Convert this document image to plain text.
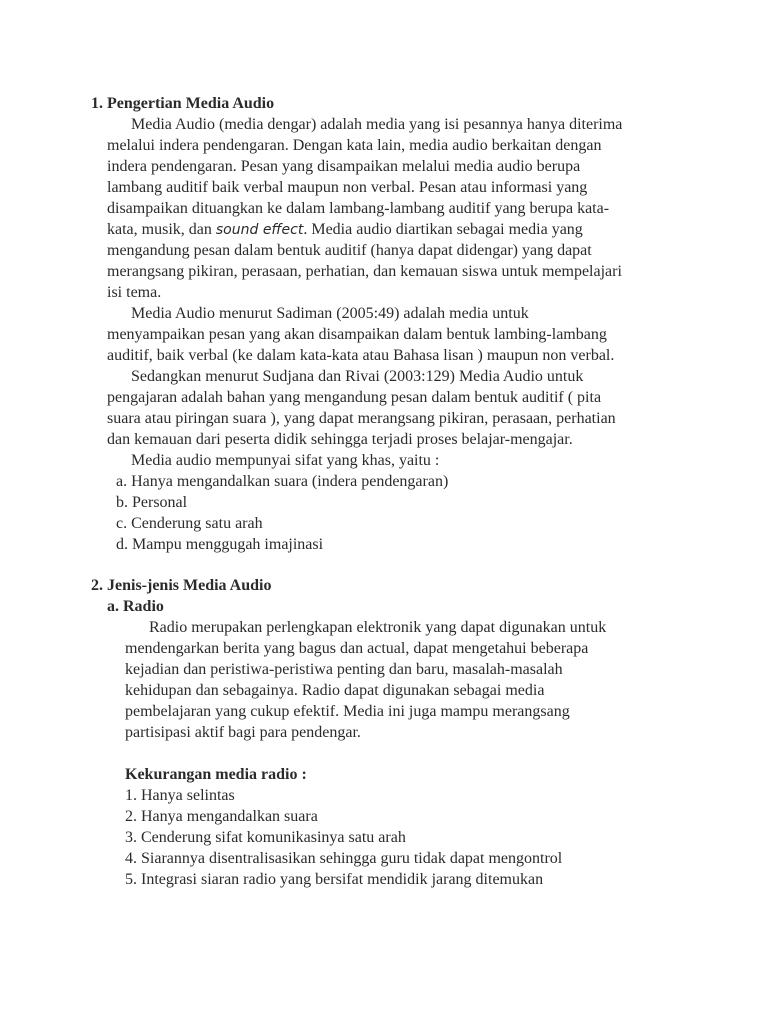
1. Pengertian Media Audio
Media Audio (media dengar) adalah media yang isi pesannya hanya diterima
melalui indera pendengaran. Dengan kata lain, media audio berkaitan dengan
indera pendengaran. Pesan yang disampaikan melalui media audio berupa
lambang auditif baik verbal maupun non verbal. Pesan atau informasi yang
disampaikan dituangkan ke dalam lambang-lambang auditif yang berupa kata-
kata, musik, dan sound effect. Media audio diartikan sebagai media yang
mengandung pesan dalam bentuk auditif (hanya dapat didengar) yang dapat
merangsang pikiran, perasaan, perhatian, dan kemauan siswa untuk mempelajari
isi tema.
Media Audio menurut Sadiman (2005:49) adalah media untuk
menyampaikan pesan yang akan disampaikan dalam bentuk lambing-lambang
auditif, baik verbal (ke dalam kata-kata atau Bahasa lisan ) maupun non verbal.
Sedangkan menurut Sudjana dan Rivai (2003:129) Media Audio untuk
pengajaran adalah bahan yang mengandung pesan dalam bentuk auditif ( pita
suara atau piringan suara ), yang dapat merangsang pikiran, perasaan, perhatian
dan kemauan dari peserta didik sehingga terjadi proses belajar-mengajar.
Media audio mempunyai sifat yang khas, yaitu :
a. Hanya mengandalkan suara (indera pendengaran)
b. Personal
c. Cenderung satu arah
d. Mampu menggugah imajinasi
2. Jenis-jenis Media Audio
a. Radio
Radio merupakan perlengkapan elektronik yang dapat digunakan untuk
mendengarkan berita yang bagus dan actual, dapat mengetahui beberapa
kejadian dan peristiwa-peristiwa penting dan baru, masalah-masalah
kehidupan dan sebagainya. Radio dapat digunakan sebagai media
pembelajaran yang cukup efektif. Media ini juga mampu merangsang
partisipasi aktif bagi para pendengar.
Kekurangan media radio :
1. Hanya selintas
2. Hanya mengandalkan suara
3. Cenderung sifat komunikasinya satu arah
4. Siarannya disentralisasikan sehingga guru tidak dapat mengontrol
5. Integrasi siaran radio yang bersifat mendidik jarang ditemukan
